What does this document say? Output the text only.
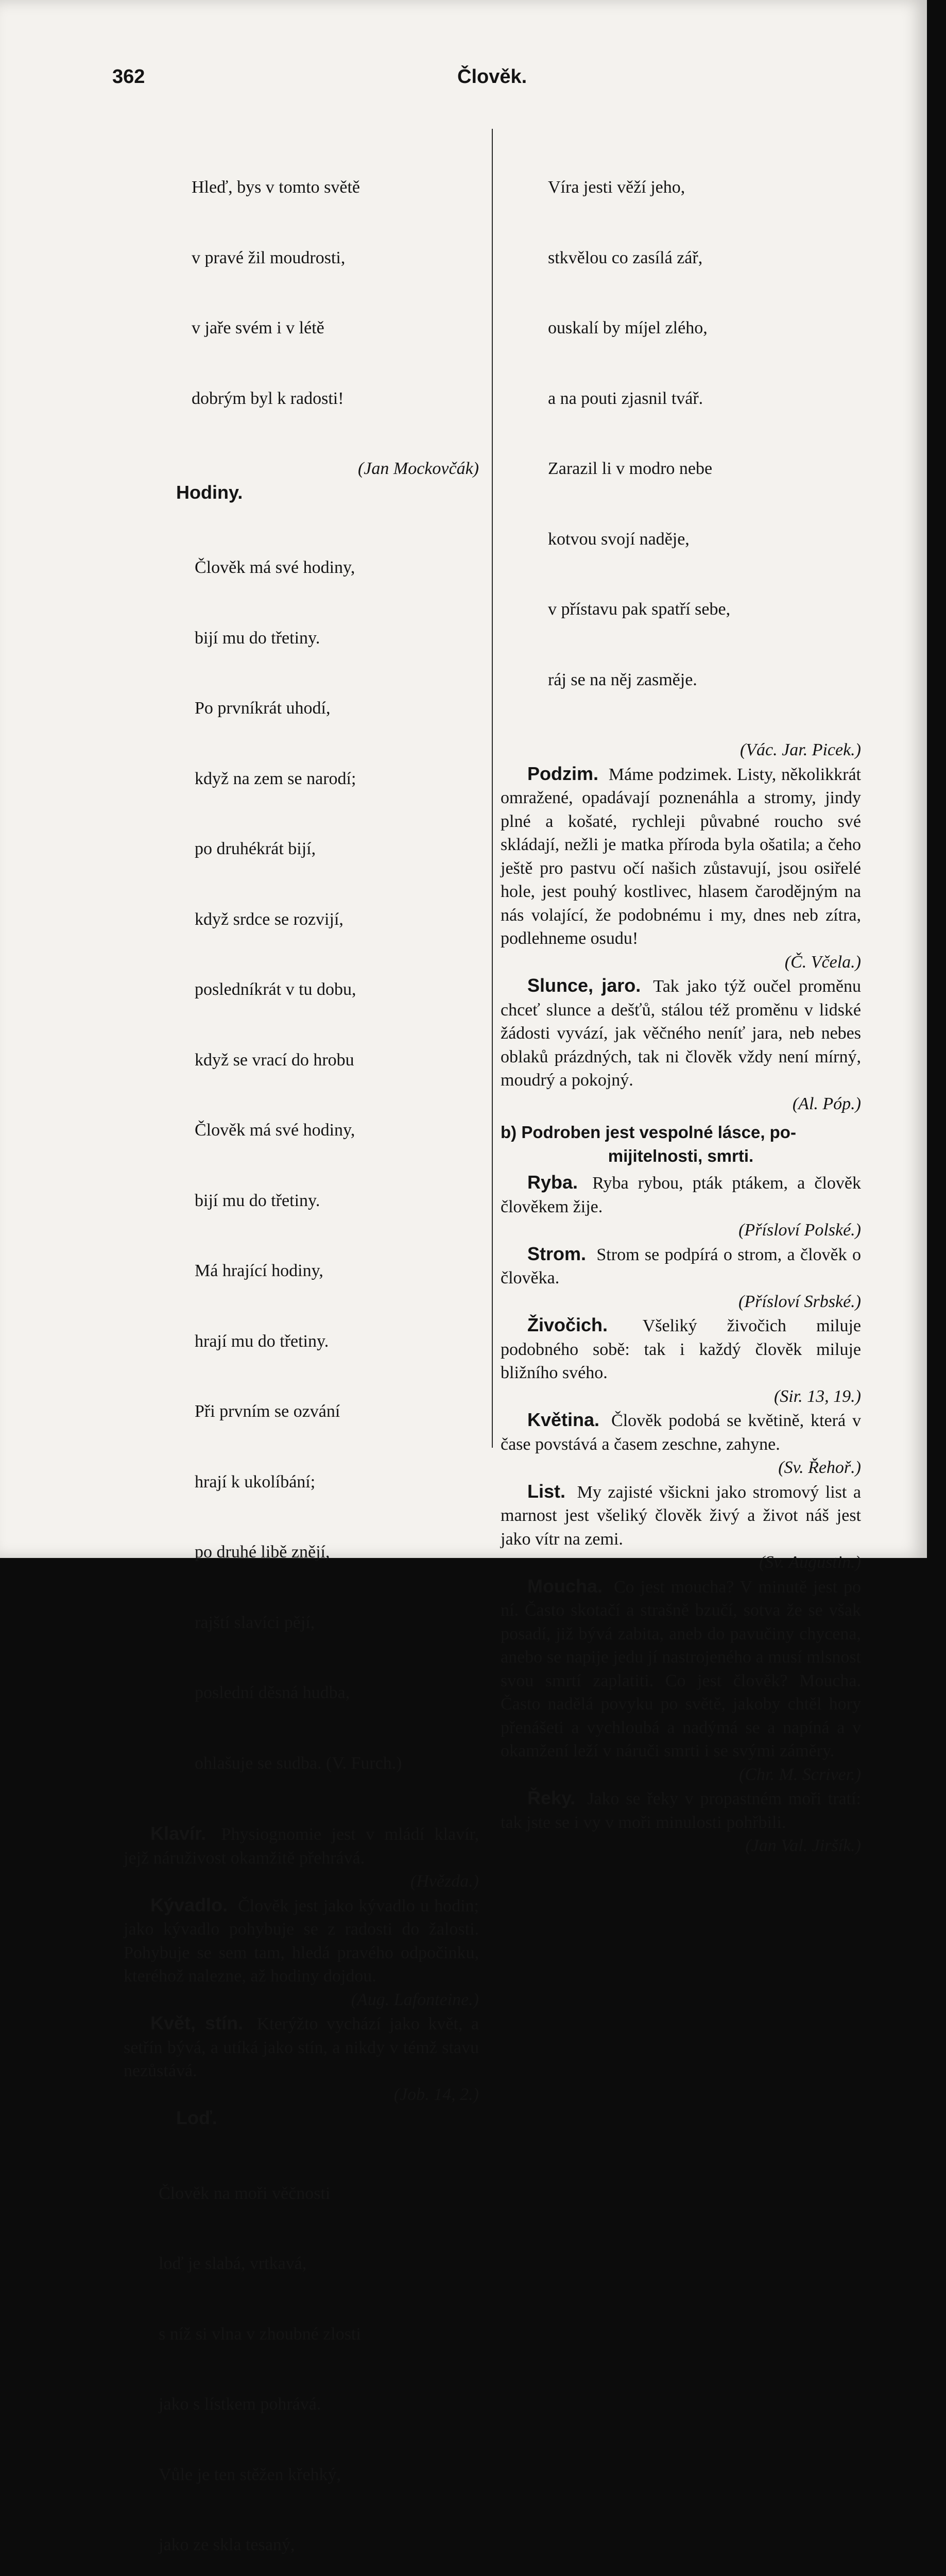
362	Člověk.

Hleď, bys v tomto světě

v pravé žil moudrosti,

v jaře svém i v létě

dobrým byl k radosti!

(Jan Mockovčák)

Hodiny.

Člověk má své hodiny,

bijí mu do třetiny.

Po prvníkrát uhodí,

když na zem se narodí;

po druhékrát bijí,

když srdce se rozvijí,

posledníkrát v tu dobu,

když se vrací do hrobu

Člověk má své hodiny,

bijí mu do třetiny.

Má hrající hodiny,

hrají mu do třetiny.

Při prvním se ozvání

hrají k ukolíbání;

po druhé libě znějí,

rajští slavíci pějí,

poslední děsná hudba,

ohlašuje se sudba. (V. Furch.)

Klavír. Physiognomie jest v mládí klavír, jejž náruživost okamžitě přehrává.

(Hvězda.)

Kývadlo. Člověk jest jako kývadlo u hodin; jako kývadlo pohybuje se z radosti do žalosti. Pohybuje se sem tam, hledá pravého odpočinku, kteréhož nalezne, až hodiny dojdou.

(Aug. Lafonteine.)

Květ, stín. Kterýžto vychází jako květ, a setřín bývá, a utíká jako stín, a nikdy v témž stavu nezůstává.

(Job. 14, 2.)

Loď.

Člověk na moři věčnosti

loď je slabá, vrtkavá,

s níž si vlna v zhoubné zlosti

jako s lístkem pohrává.

Vůle je ten stěžen křehký,

jako ze skla tesaný,

Víra jesti věží jeho,

stkvělou co zasílá zář,

ouskalí by míjel zlého,

a na pouti zjasnil tvář.

Zarazil li v modro nebe

kotvou svojí naděje,

v přístavu pak spatří sebe,

ráj se na něj zasměje.

(Vác. Jar. Picek.)

Podzim. Máme podzimek. Listy, několikkrát omražené, opadávají poznenáhla a stromy, jindy plné a košaté, rychleji půvabné roucho své skládají, nežli je matka příroda byla ošatila; a čeho ještě pro pastvu očí našich zůstavují, jsou osiřelé hole, jest pouhý kostlivec, hlasem čarodějným na nás volající, že podobnému i my, dnes neb zítra, podlehneme osudu!

(Č. Včela.)

Slunce, jaro. Tak jako týž oučel proměnu chceť slunce a dešťů, stálou též proměnu v lidské žádosti vyvází, jak věčného neníť jara, neb nebes oblaků prázdných, tak ni člověk vždy není mírný, moudrý a pokojný.

(Al. Póp.)

b) Podroben jest vespolné lásce, po-
mijitelnosti, smrti.

Ryba. Ryba rybou, pták ptákem, a člověk člověkem žije.

(Přísloví Polské.)

Strom. Strom se podpírá o strom, a člověk o člověka.

(Přísloví Srbské.)

Živočich. Všeliký živočich miluje podobného sobě: tak i každý člověk miluje bližního svého.

(Sir. 13, 19.)

Květina. Člověk podobá se květině, která v čase povstává a časem zeschne, zahyne.

(Sv. Řehoř.)

List. My zajisté všickni jako stromový list a marnost jest všeliký člověk živý a život náš jest jako vítr na zemi.

(Sv. Augustin.)

Moucha. Co jest moucha? V minutě jest po ní. Často skotačí a strašně bzučí, sotva že se však posadí, již bývá zabita, aneb do pavučiny chycena, anebo se napije jedu jí nastrojeného a musí mlsnost svou smrtí zaplatiti. Co jest člověk? Moucha. Často nadělá povyku po světě, jakoby chtěl hory přenášeti a vychloubá a nadýmá se a napíná a v okamžení leží v náruči smrti i se svými záměry.

(Chr. M. Scriver.)

Řeky. Jako se řeky v propastném moři tratí: tak jste se i vy v moři minulosti pohřbili.

(Jan Val. Jiršík.)
